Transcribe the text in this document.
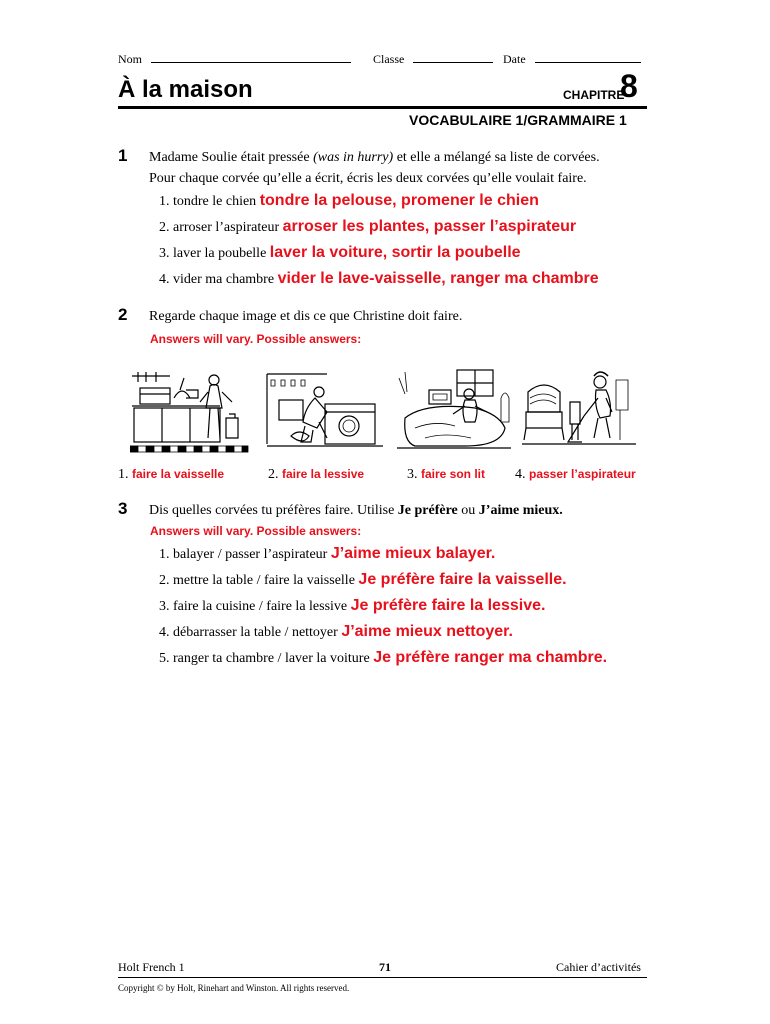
Nom	Classe	Date
À la maison	CHAPITRE
8
VOCABULAIRE 1/GRAMMAIRE 1
1 Madame Soulie était pressée (was in hurry) et elle a mélangé sa liste de corvées.
Pour chaque corvée qu’elle a écrit, écris les deux corvées qu’elle voulait faire.
1. tondre le chien tondre la pelouse, promener le chien
2. arroser l’aspirateur arroser les plantes, passer l’aspirateur
3. laver la poubelle laver la voiture, sortir la poubelle
4. vider ma chambre vider le lave-vaisselle, ranger ma chambre
2 Regarde chaque image et dis ce que Christine doit faire.
Answers will vary. Possible answers:
1. faire la vaisselle	2. faire la lessive	3. faire son lit 4. passer l’aspirateur
3 Dis quelles corvées tu préfères faire. Utilise Je préfère ou J’aime mieux.
Answers will vary. Possible answers:
1. balayer / passer l’aspirateur J’aime mieux balayer.
2. mettre la table / faire la vaisselle Je préfère faire la vaisselle.
3. faire la cuisine / faire la lessive Je préfère faire la lessive.
4. débarrasser la table / nettoyer J’aime mieux nettoyer.
5. ranger ta chambre / laver la voiture Je préfère ranger ma chambre.
Holt French 1	71	Cahier d’activités
Copyright © by Holt, Rinehart and Winston. All rights reserved.
